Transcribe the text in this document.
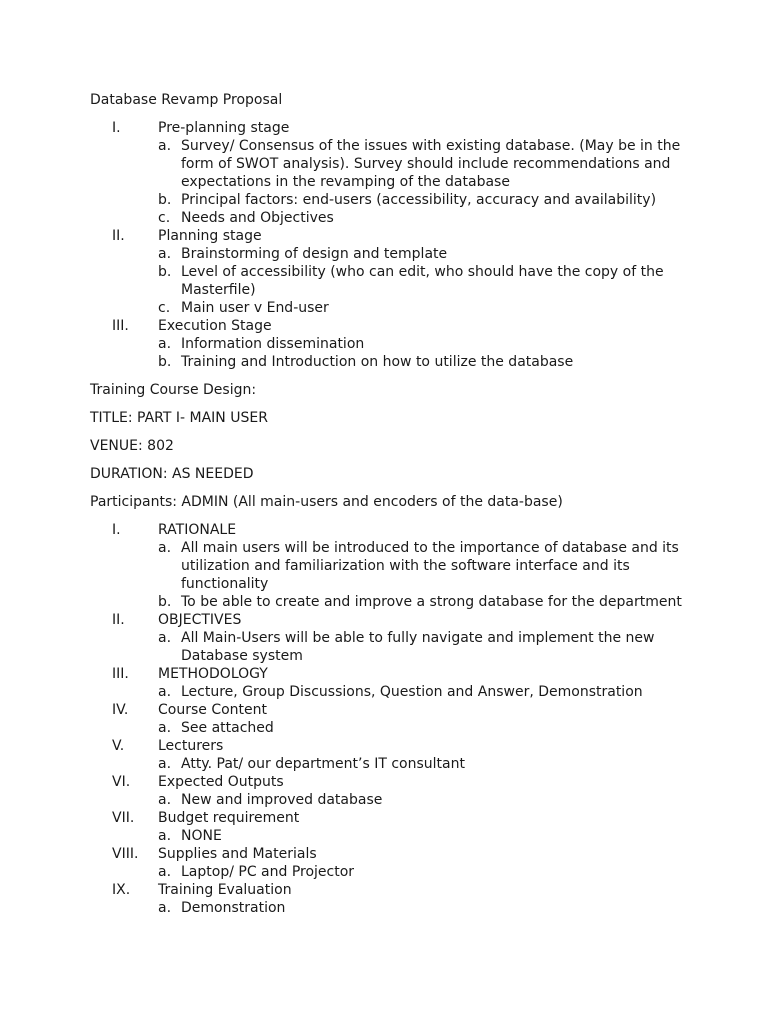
Database Revamp Proposal

I.	Pre-planning stage
a. Survey/ Consensus of the issues with existing database. (May be in the
form of SWOT analysis). Survey should include recommendations and
expectations in the revamping of the database
b. Principal factors: end-users (accessibility, accuracy and availability)
c. Needs and Objectives
II.	Planning stage
a. Brainstorming of design and template
b. Level of accessibility (who can edit, who should have the copy of the
Masterfile)
c. Main user v End-user
III.	Execution Stage
a. Information dissemination
b. Training and Introduction on how to utilize the database

Training Course Design:

TITLE: PART I- MAIN USER

VENUE: 802

DURATION: AS NEEDED

Participants: ADMIN (All main-users and encoders of the data-base)

I.	RATIONALE
a. All main users will be introduced to the importance of database and its
utilization and familiarization with the software interface and its
functionality
b. To be able to create and improve a strong database for the department
II.	OBJECTIVES
a. All Main-Users will be able to fully navigate and implement the new
Database system
III.	METHODOLOGY
a. Lecture, Group Discussions, Question and Answer, Demonstration
IV.	Course Content
a. See attached
V.	Lecturers
a. Atty. Pat/ our department’s IT consultant
VI.	Expected Outputs
a. New and improved database
VII.	Budget requirement
a. NONE
VIII.	Supplies and Materials
a. Laptop/ PC and Projector
IX.	Training Evaluation
a. Demonstration
